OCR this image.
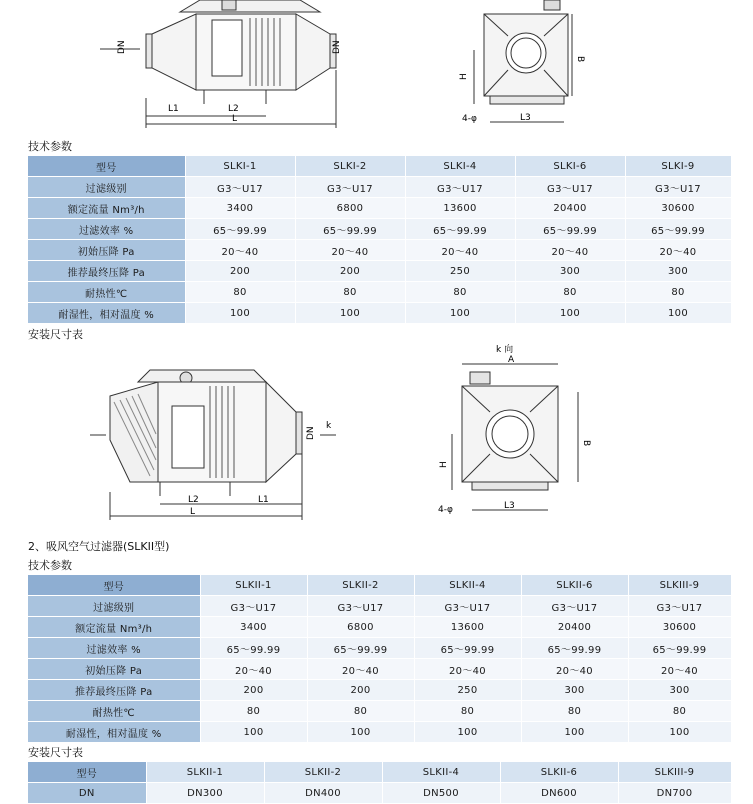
DN	DN
L1	L2
L
H
B
4-φ	L3
技术参数
型号	SLKI-1	SLKI-2	SLKI-4	SLKI-6	SLKI-9
过滤级别	G3～U17	G3～U17	G3～U17	G3～U17	G3～U17
额定流量 Nm³/h	3400	6800	13600	20400	30600
过滤效率 %	65～99.99	65～99.99	65～99.99	65～99.99	65～99.99
初始压降 Pa	20～40	20～40	20～40	20～40	20～40
推荐最终压降 Pa	200	200	250	300	300
耐热性℃	80	80	80	80	80
耐湿性，相对温度 %	100	100	100	100	100
安装尺寸表
k 向
A
B
H
4-φ	L3
k
DN
L2	L1
L
2、吸风空气过滤器(SLKII型)
技术参数
型号	SLKII-1	SLKII-2	SLKII-4	SLKII-6	SLKIII-9
过滤级别	G3～U17	G3～U17	G3～U17	G3～U17	G3～U17
额定流量 Nm³/h	3400	6800	13600	20400	30600
过滤效率 %	65～99.99	65～99.99	65～99.99	65～99.99	65～99.99
初始压降 Pa	20～40	20～40	20～40	20～40	20～40
推荐最终压降 Pa	200	200	250	300	300
耐热性℃	80	80	80	80	80
耐湿性，相对温度 %	100	100	100	100	100
安装尺寸表
型号	SLKII-1	SLKII-2	SLKII-4	SLKII-6	SLKIII-9
DN	DN300	DN400	DN500	DN600	DN700
